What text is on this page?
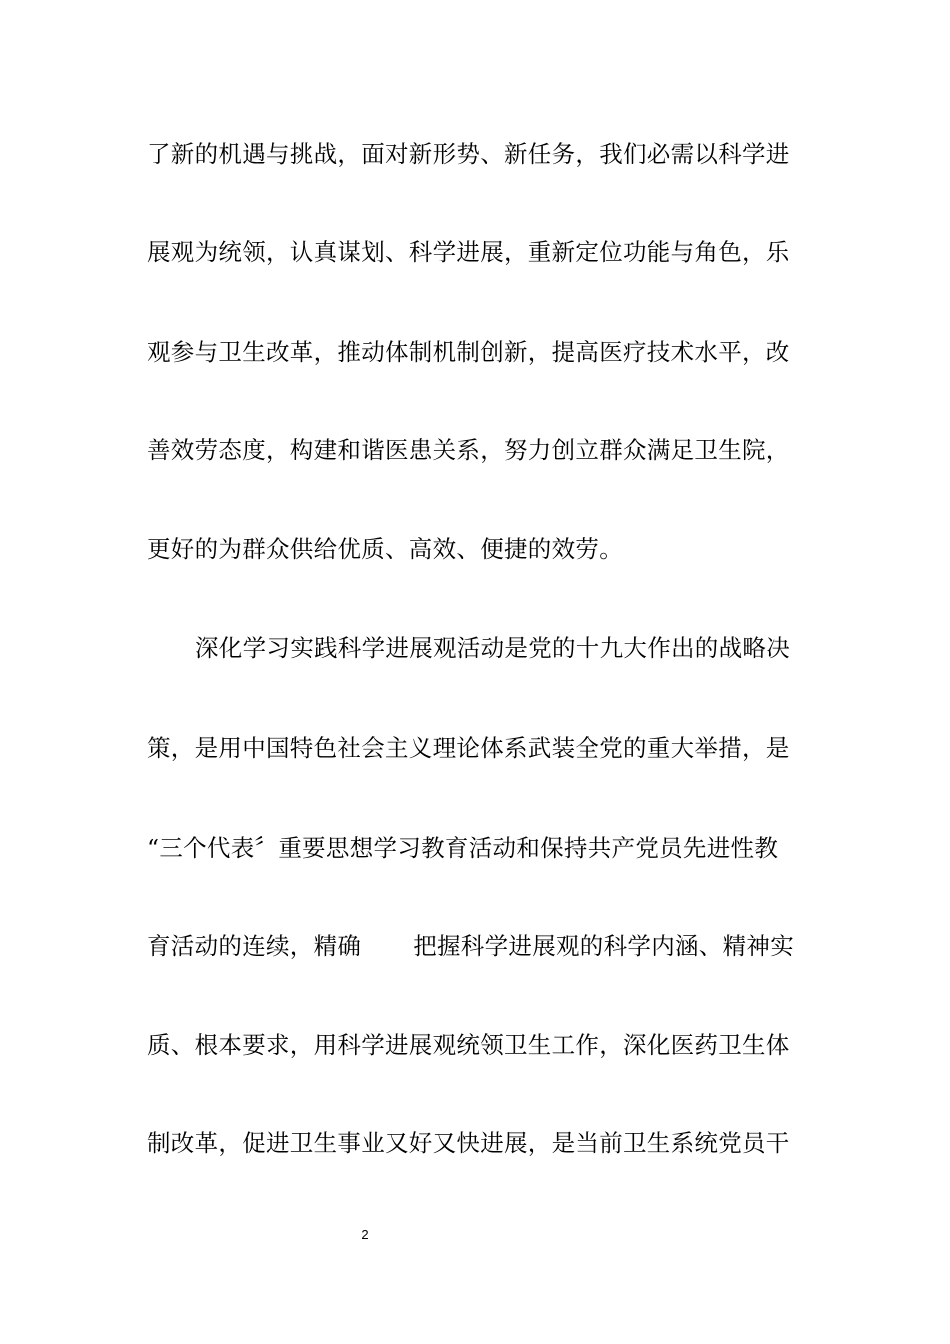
了新的机遇与挑战，面对新形势、新任务，我们必需以科学进
展观为统领，认真谋划、科学进展，重新定位功能与角色，乐
观参与卫生改革，推动体制机制创新，提高医疗技术水平，改
善效劳态度，构建和谐医患关系，努力创立群众满足卫生院，
更好的为群众供给优质、高效、便捷的效劳。
深化学习实践科学进展观活动是党的十九大作出的战略决
策，是用中国特色社会主义理论体系武装全党的重大举措，是
“三个代表〞重要思想学习教育活动和保持共产党员先进性教
育活动的连续，精确 把握科学进展观的科学内涵、精神实
质、根本要求，用科学进展观统领卫生工作，深化医药卫生体
制改革，促进卫生事业又好又快进展，是当前卫生系统党员干
2
